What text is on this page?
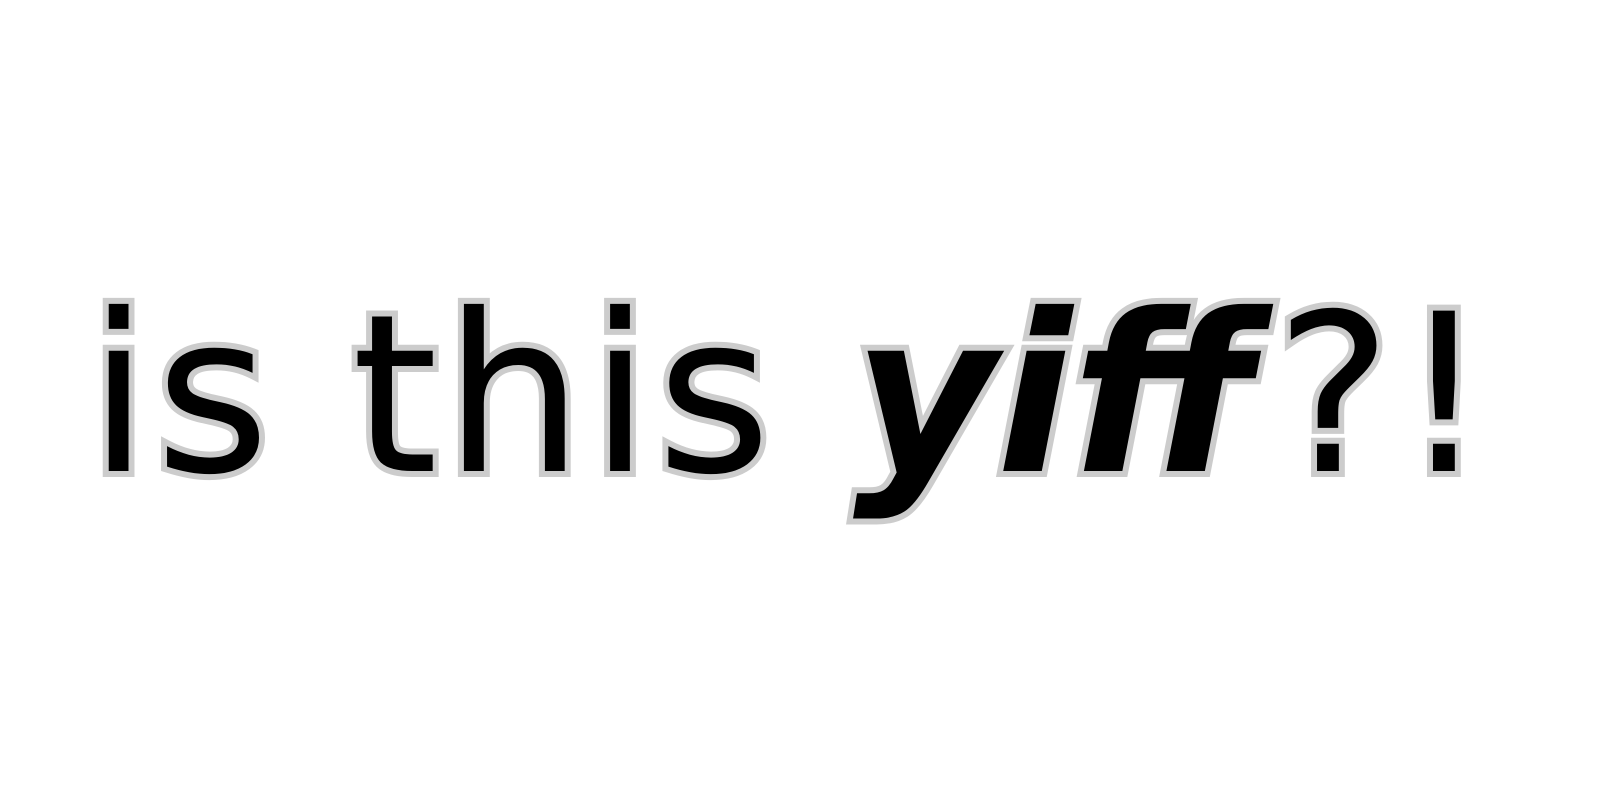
is this yiff?!
